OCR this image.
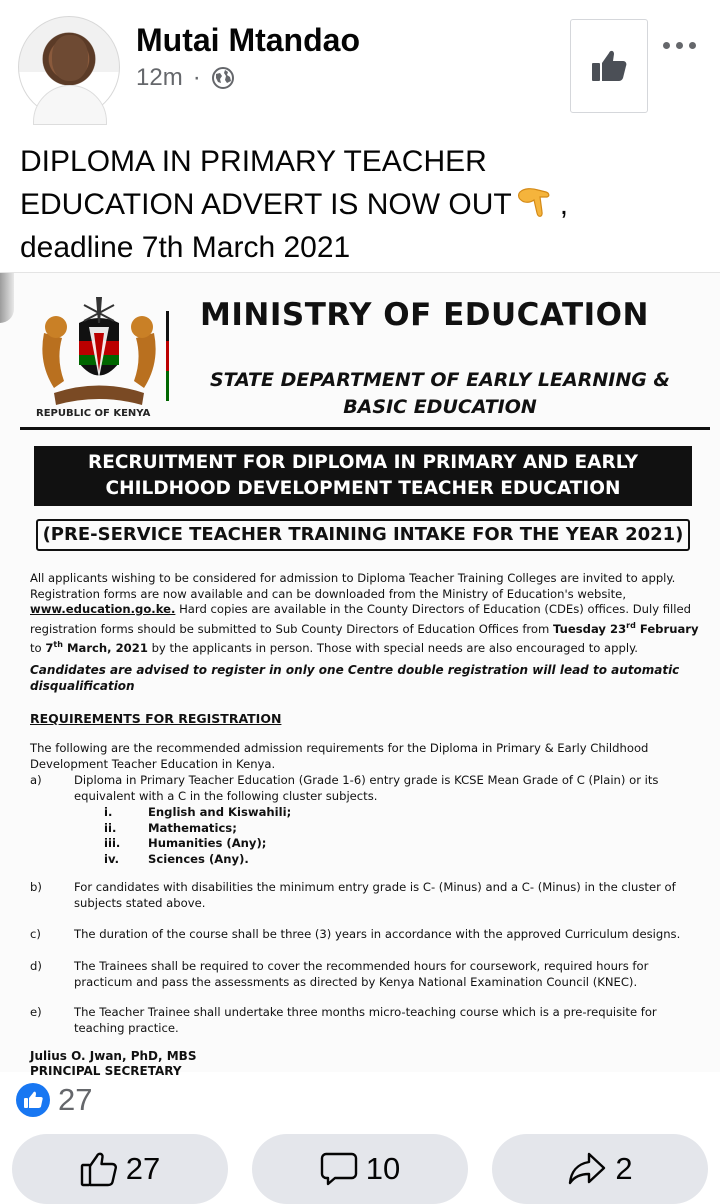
Mutai Mtandao
12m ·
DIPLOMA IN PRIMARY TEACHER
EDUCATION ADVERT IS NOW OUT ,
deadline 7th March 2021
REPUBLIC OF KENYA
MINISTRY OF EDUCATION
STATE DEPARTMENT OF EARLY LEARNING &
BASIC EDUCATION
RECRUITMENT FOR DIPLOMA IN PRIMARY AND EARLY
CHILDHOOD DEVELOPMENT TEACHER EDUCATION
(PRE-SERVICE TEACHER TRAINING INTAKE FOR THE YEAR 2021)
All applicants wishing to be considered for admission to Diploma Teacher Training Colleges are invited to apply. Registration forms are now available and can be downloaded from the Ministry of Education's website, www.education.go.ke. Hard copies are available in the County Directors of Education (CDEs) offices. Duly filled registration forms should be submitted to Sub County Directors of Education Offices from Tuesday 23rd February to 7th March, 2021 by the applicants in person. Those with special needs are also encouraged to apply.
Candidates are advised to register in only one Centre double registration will lead to automatic disqualification
REQUIREMENTS FOR REGISTRATION
The following are the recommended admission requirements for the Diploma in Primary & Early Childhood Development Teacher Education in Kenya.
a)	Diploma in Primary Teacher Education (Grade 1-6) entry grade is KCSE Mean Grade of C (Plain) or its equivalent with a C in the following cluster subjects.
i.	English and Kiswahili;
ii.	Mathematics;
iii.	Humanities (Any);
iv.	Sciences (Any).
b)	For candidates with disabilities the minimum entry grade is C- (Minus) and a C- (Minus) in the cluster of subjects stated above.
c)	The duration of the course shall be three (3) years in accordance with the approved Curriculum designs.
d)	The Trainees shall be required to cover the recommended hours for coursework, required hours for practicum and pass the assessments as directed by Kenya National Examination Council (KNEC).
e)	The Teacher Trainee shall undertake three months micro-teaching course which is a pre-requisite for teaching practice.
Julius O. Jwan, PhD, MBS
PRINCIPAL SECRETARY
27
27	10	2
